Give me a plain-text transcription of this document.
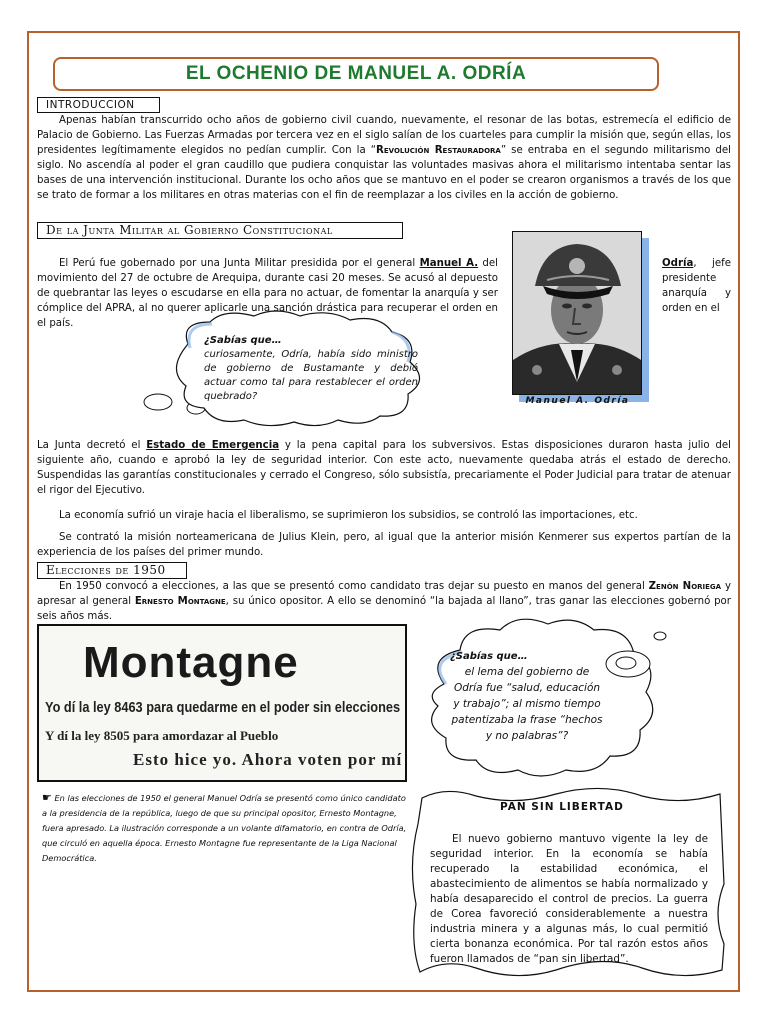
EL OCHENIO DE MANUEL A. ODRÍA
INTRODUCCION

Apenas habían transcurrido ocho años de gobierno civil cuando, nuevamente, el resonar de las botas, estremecía el edificio de Palacio de Gobierno. Las Fuerzas Armadas por tercera vez en el siglo salían de los cuarteles para cumplir la misión que, según ellas, los presidentes legítimamente elegidos no pedían cumplir. Con la “Revolución Restauradora” se entraba en el segundo militarismo del siglo. No ascendía al poder el gran caudillo que pudiera conquistar las voluntades masivas ahora el militarismo intentaba sentar las bases de una intervención institucional. Durante los ocho años que se mantuvo en el poder se crearon organismos a través de los que se trato de formar a los militares en otras materias con el fin de reemplazar a los civiles en la acción de gobierno.

De la Junta Militar al Gobierno Constitucional

El Perú fue gobernado por una Junta Militar presidida por el general Manuel A. del movimiento del 27 de octubre de Arequipa, durante casi 20 meses. Se acusó al depuesto de quebrantar las leyes o escudarse en ella para no actuar, de fomentar la anarquía y ser cómplice del APRA, al no querer aplicarle una sanción drástica para recuperar el orden en el país.

Odría, jefe presidente anarquía y orden en el

Manuel A. Odría
¿Sabías que…
curiosamente, Odría, había sido ministro de gobierno de Bustamante y debió actuar como tal para restablecer el orden quebrado?

La Junta decretó el Estado de Emergencia y la pena capital para los subversivos. Estas disposiciones duraron hasta julio del siguiente año, cuando e aprobó la ley de seguridad interior. Con este acto, nuevamente quedaba atrás el estado de derecho. Suspendidas las garantías constitucionales y cerrado el Congreso, sólo subsistía, precariamente el Poder Judicial para tratar de atenuar el rigor del Ejecutivo.

La economía sufrió un viraje hacia el liberalismo, se suprimieron los subsidios, se controló las importaciones, etc.

Se contrató la misión norteamericana de Julius Klein, pero, al igual que la anterior misión Kenmerer sus expertos partían de la experiencia de los países del primer mundo.

Elecciones de 1950

En 1950 convocó a elecciones, a las que se presentó como candidato tras dejar su puesto en manos del general Zenón Noriega y apresar al general Ernesto Montagne, su único opositor. A ello se denominó “la bajada al llano”, tras ganar las elecciones gobernó por seis años más.

Montagne
Yo dí la ley 8463 para quedarme en el poder sin elecciones
Y dí la ley 8505 para amordazar al Pueblo
Esto hice yo. Ahora voten por mí
☛ En las elecciones de 1950 el general Manuel Odría se presentó como único candidato a la presidencia de la república, luego de que su principal opositor, Ernesto Montagne, fuera apresado. La ilustración corresponde a un volante difamatorio, en contra de Odría, que circuló en aquella época. Ernesto Montagne fue representante de la Liga Nacional Democrática.
¿Sabías que…
el lema del gobierno de Odría fue “salud, educación y trabajo”; al mismo tiempo patentizaba la frase “hechos y no palabras”?
PAN SIN LIBERTAD

El nuevo gobierno mantuvo vigente la ley de seguridad interior. En la economía se había recuperado la estabilidad económica, el abastecimiento de alimentos se había normalizado y había desaparecido el control de precios. La guerra de Corea favoreció considerablemente a nuestra industria minera y a algunas más, lo cual permitió cierta bonanza económica. Por tal razón estos años fueron llamados de “pan sin libertad”.
